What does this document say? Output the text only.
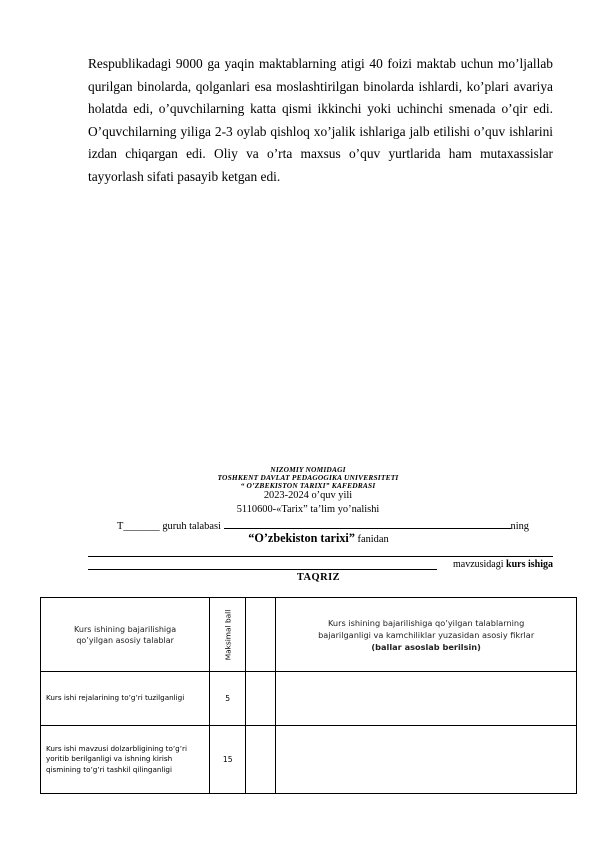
Respublikadagi 9000 ga yaqin maktablarning atigi 40 foizi maktab uchun mo’ljallab qurilgan binolarda, qolganlari esa moslashtirilgan binolarda ishlardi, ko’plari avariya holatda edi, o’quvchilarning katta qismi ikkinchi yoki uchinchi smenada o’qir edi. O’quvchilarning yiliga 2-3 oylab qishloq xo’jalik ishlariga jalb etilishi o’quv ishlarini izdan chiqargan edi. Oliy va o’rta maxsus o’quv yurtlarida ham mutaxassislar tayyorlash sifati pasayib ketgan edi.

NIZOMIY NOMIDAGI
TOSHKENT DAVLAT PEDAGOGIKA UNIVERSITETI
“ O’ZBEKISTON TARIXI” KAFEDRASI
2023-2024 o’quv yili
5110600-«Tarix” ta’lim yo’nalishi
T_______ guruh talabasi	ning
“O’zbekiston tarixi” fanidan
mavzusidagi kurs ishiga
TAQRIZ
Kurs ishining bajarilishiga qo’yilgan asosiy talablar	Maksimal ball		Kurs ishining bajarilishiga qo’yilgan talablarning bajarilganligi va kamchiliklar yuzasidan asosiy fikrlar
(ballar asoslab berilsin)

Kurs ishi rejalarining to’g’ri tuzilganligi	5		
Kurs ishi mavzusi dolzarbligining to’g’ri yoritib berilganligi va ishning kirish qismining to’g’ri tashkil qilinganligi	15		
